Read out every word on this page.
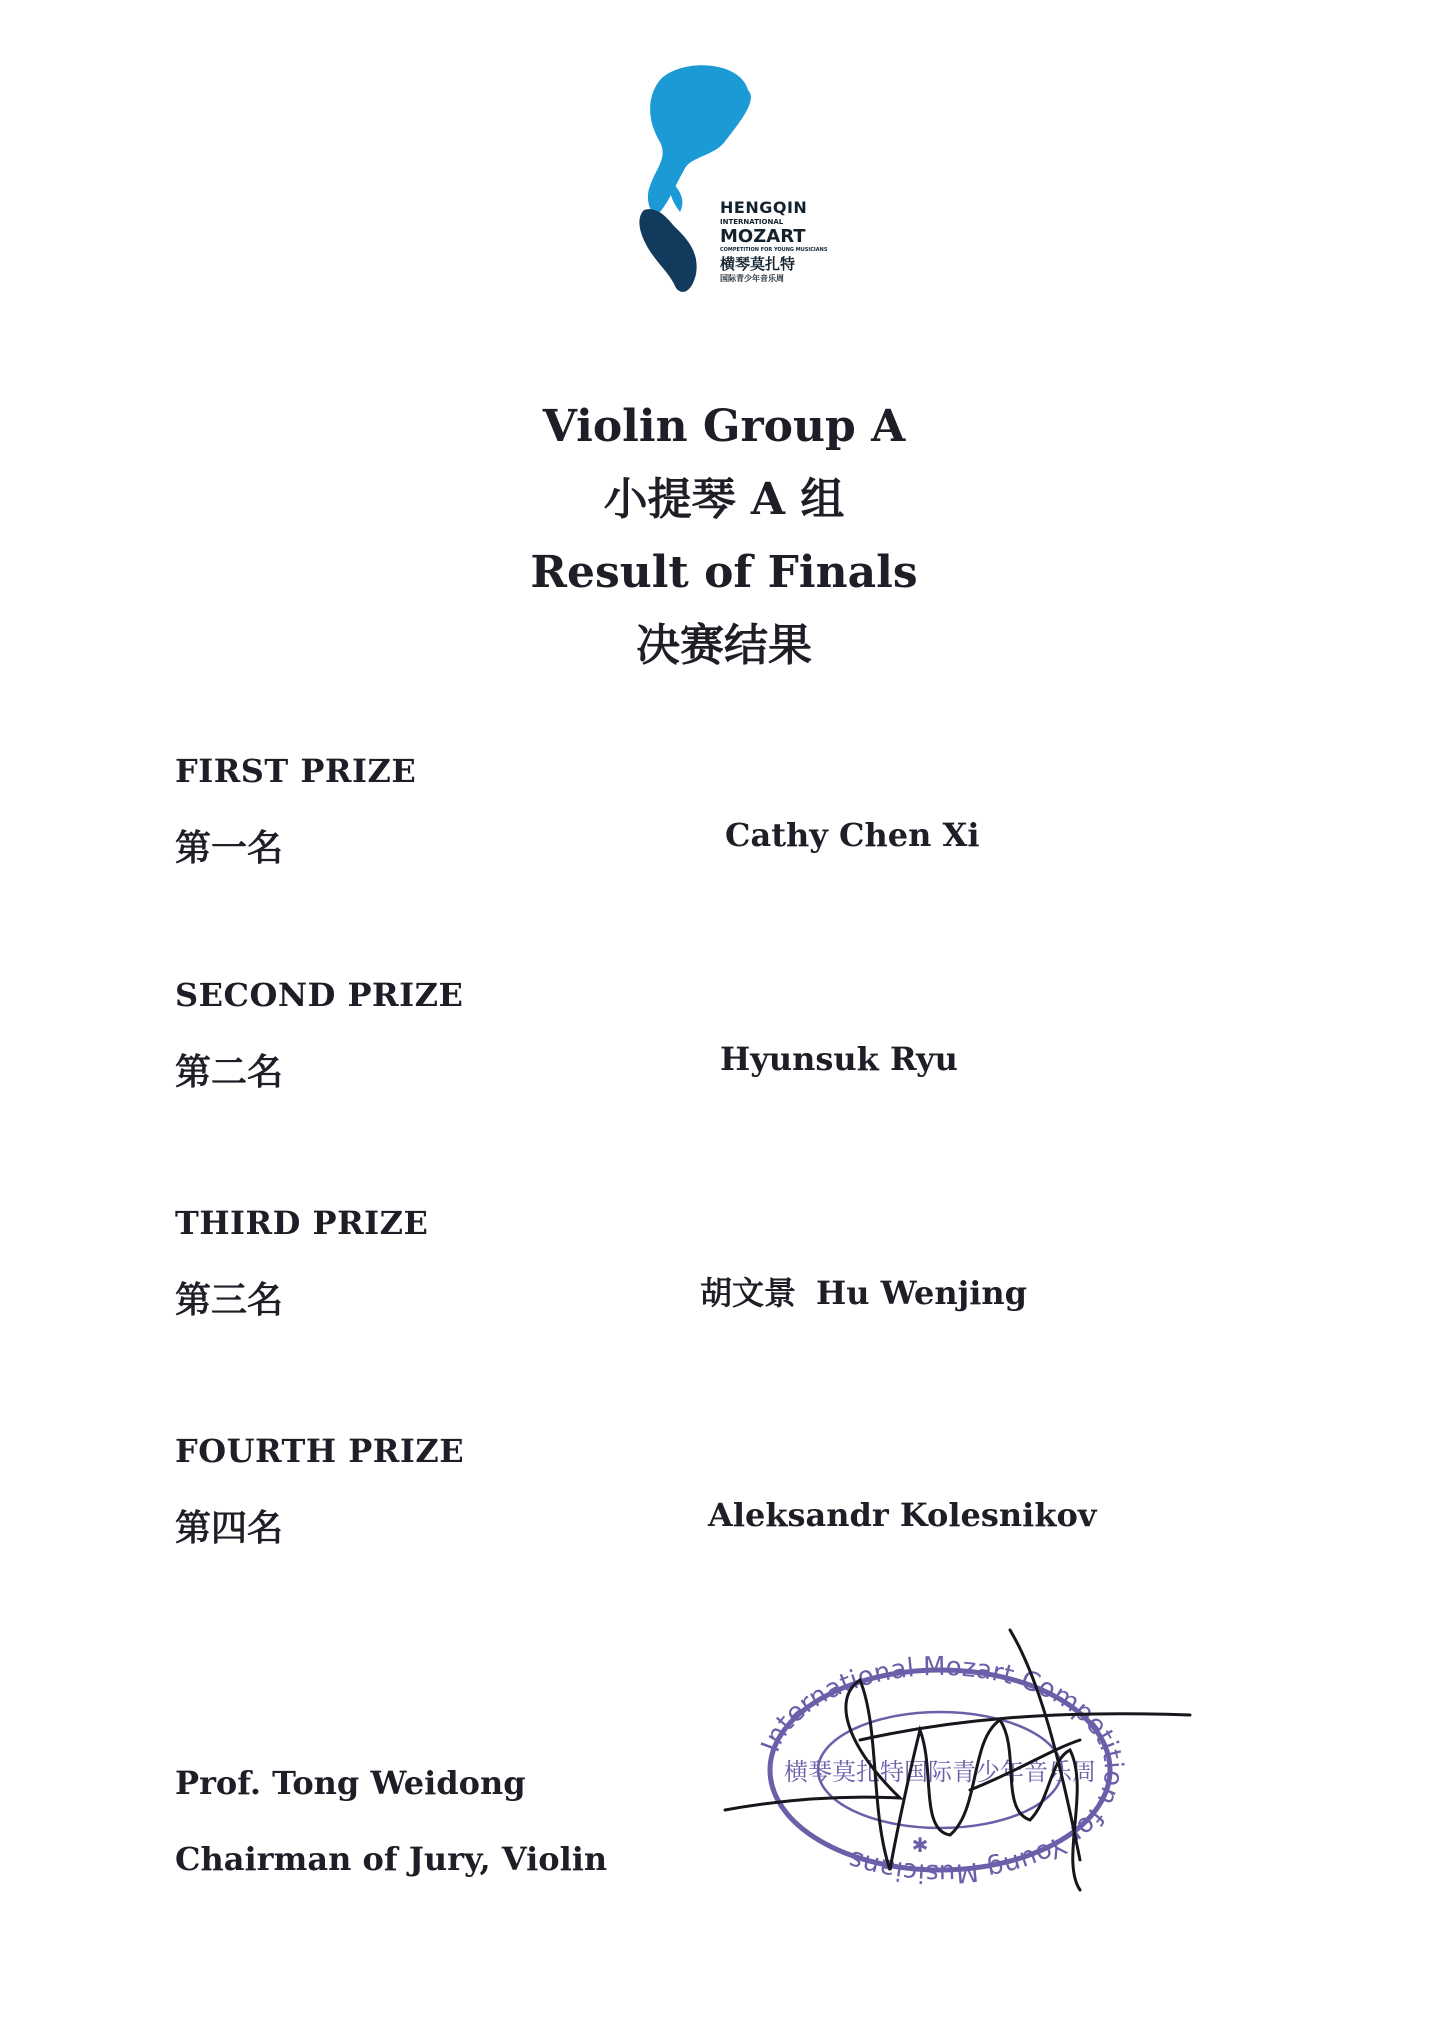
HENGQIN
INTERNATIONAL
MOZART
COMPETITION FOR YOUNG MUSICIANS
横琴莫扎特
国际青少年音乐周
Violin Group A
小提琴 A 组
Result of Finals
决赛结果
FIRST PRIZE
第一名	Cathy Chen Xi
SECOND PRIZE
第二名	Hyunsuk Ryu
THIRD PRIZE
第三名	胡文景 Hu Wenjing
FOURTH PRIZE
第四名	Aleksandr Kolesnikov
Prof. Tong Weidong
Chairman of Jury, Violin
International Mozart Competition for Young Musicians
横琴莫扎特国际青少年音乐周
✱
